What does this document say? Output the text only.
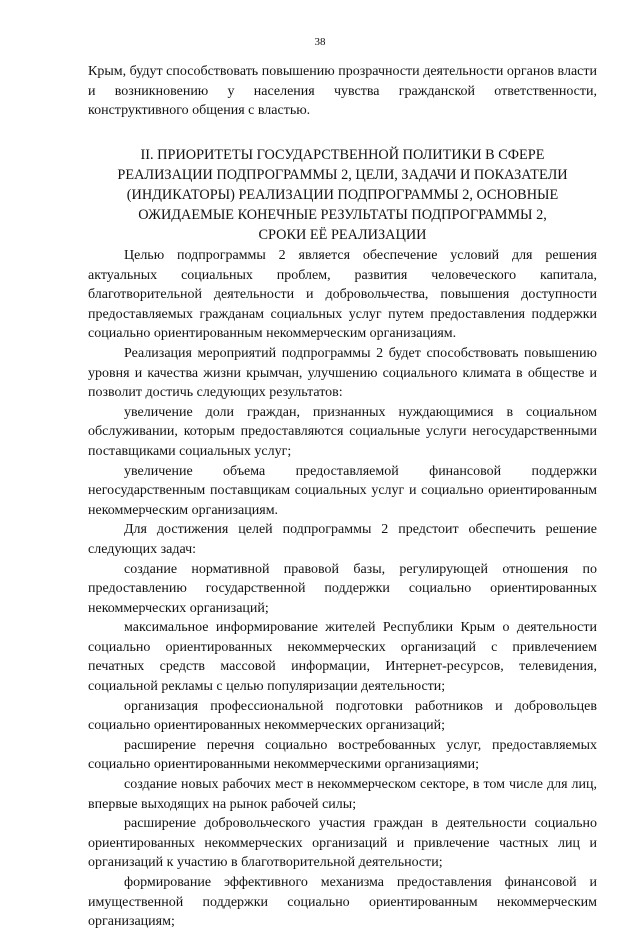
38

Крым, будут способствовать повышению прозрачности деятельности органов власти и возникновению у населения чувства гражданской ответственности, конструктивного общения с властью.

II. ПРИОРИТЕТЫ ГОСУДАРСТВЕННОЙ ПОЛИТИКИ В СФЕРЕ
РЕАЛИЗАЦИИ ПОДПРОГРАММЫ 2, ЦЕЛИ, ЗАДАЧИ И ПОКАЗАТЕЛИ
(ИНДИКАТОРЫ) РЕАЛИЗАЦИИ ПОДПРОГРАММЫ 2, ОСНОВНЫЕ
ОЖИДАЕМЫЕ КОНЕЧНЫЕ РЕЗУЛЬТАТЫ ПОДПРОГРАММЫ 2,
СРОКИ ЕЁ РЕАЛИЗАЦИИ

Целью подпрограммы 2 является обеспечение условий для решения актуальных социальных проблем, развития человеческого капитала, благотворительной деятельности и добровольчества, повышения доступности предоставляемых гражданам социальных услуг путем предоставления поддержки социально ориентированным некоммерческим организациям.

Реализация мероприятий подпрограммы 2 будет способствовать повышению уровня и качества жизни крымчан, улучшению социального климата в обществе и позволит достичь следующих результатов:

увеличение доли граждан, признанных нуждающимися в социальном обслуживании, которым предоставляются социальные услуги негосударственными поставщиками социальных услуг;

увеличение объема предоставляемой финансовой поддержки негосударственным поставщикам социальных услуг и социально ориентированным некоммерческим организациям.

Для достижения целей подпрограммы 2 предстоит обеспечить решение следующих задач:

создание нормативной правовой базы, регулирующей отношения по предоставлению государственной поддержки социально ориентированных некоммерческих организаций;

максимальное информирование жителей Республики Крым о деятельности социально ориентированных некоммерческих организаций с привлечением печатных средств массовой информации, Интернет-ресурсов, телевидения, социальной рекламы с целью популяризации деятельности;

организация профессиональной подготовки работников и добровольцев социально ориентированных некоммерческих организаций;

расширение перечня социально востребованных услуг, предоставляемых социально ориентированными некоммерческими организациями;

создание новых рабочих мест в некоммерческом секторе, в том числе для лиц, впервые выходящих на рынок рабочей силы;

расширение добровольческого участия граждан в деятельности социально ориентированных некоммерческих организаций и привлечение частных лиц и организаций к участию в благотворительной деятельности;

формирование эффективного механизма предоставления финансовой и имущественной поддержки социально ориентированным некоммерческим организациям;
